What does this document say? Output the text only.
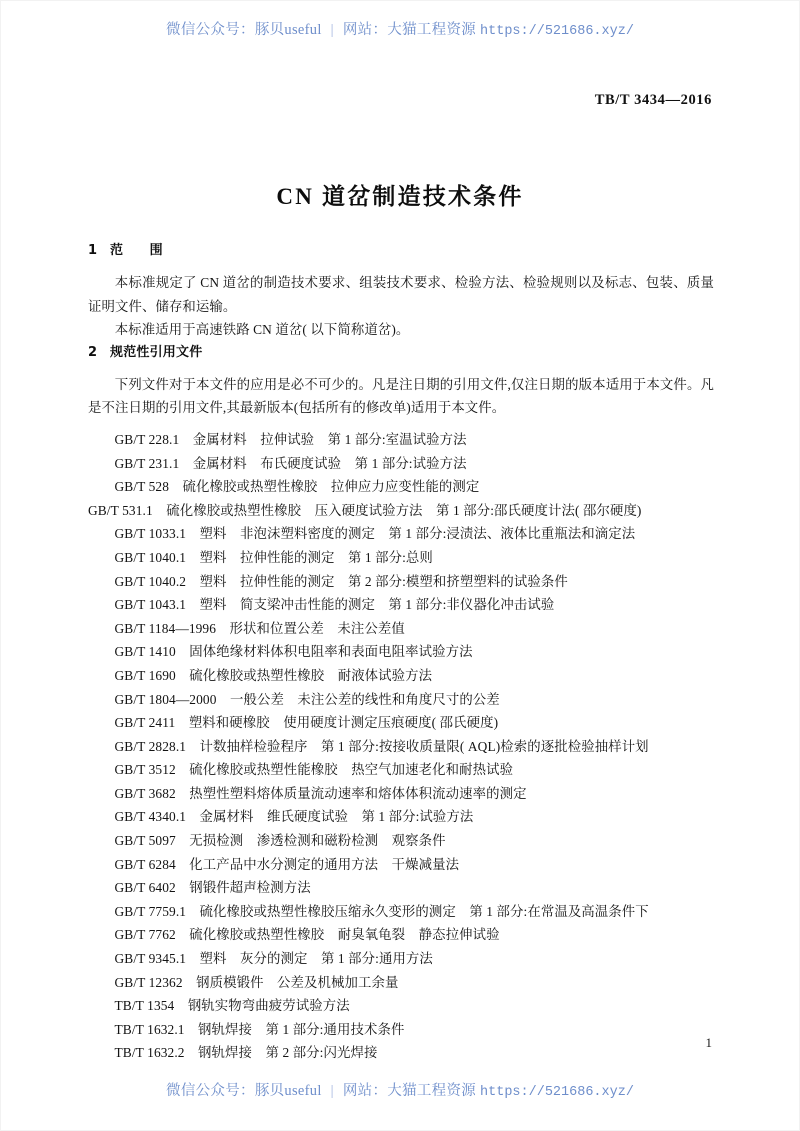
微信公众号：豚贝useful | 网站：大猫工程资源 https://521686.xyz/
TB/T 3434—2016
CN 道岔制造技术条件
1 范　　围

本标准规定了 CN 道岔的制造技术要求、组装技术要求、检验方法、检验规则以及标志、包装、质量证明文件、储存和运输。

本标准适用于高速铁路 CN 道岔( 以下简称道岔)。

2 规范性引用文件

下列文件对于本文件的应用是必不可少的。凡是注日期的引用文件,仅注日期的版本适用于本文件。凡是不注日期的引用文件,其最新版本(包括所有的修改单)适用于本文件。

GB/T 228.1　金属材料　拉伸试验　第 1 部分:室温试验方法
GB/T 231.1　金属材料　布氏硬度试验　第 1 部分:试验方法
GB/T 528　硫化橡胶或热塑性橡胶　拉伸应力应变性能的测定
GB/T 531.1　硫化橡胶或热塑性橡胶　压入硬度试验方法　第 1 部分:邵氏硬度计法( 邵尔硬度)
GB/T 1033.1　塑料　非泡沫塑料密度的测定　第 1 部分:浸渍法、液体比重瓶法和滴定法
GB/T 1040.1　塑料　拉伸性能的测定　第 1 部分:总则
GB/T 1040.2　塑料　拉伸性能的测定　第 2 部分:模塑和挤塑塑料的试验条件
GB/T 1043.1　塑料　简支梁冲击性能的测定　第 1 部分:非仪器化冲击试验
GB/T 1184—1996　形状和位置公差　未注公差值
GB/T 1410　固体绝缘材料体积电阻率和表面电阻率试验方法
GB/T 1690　硫化橡胶或热塑性橡胶　耐液体试验方法
GB/T 1804—2000　一般公差　未注公差的线性和角度尺寸的公差
GB/T 2411　塑料和硬橡胶　使用硬度计测定压痕硬度( 邵氏硬度)
GB/T 2828.1　计数抽样检验程序　第 1 部分:按接收质量限( AQL)检索的逐批检验抽样计划
GB/T 3512　硫化橡胶或热塑性能橡胶　热空气加速老化和耐热试验
GB/T 3682　热塑性塑料熔体质量流动速率和熔体体积流动速率的测定
GB/T 4340.1　金属材料　维氏硬度试验　第 1 部分:试验方法
GB/T 5097　无损检测　渗透检测和磁粉检测　观察条件
GB/T 6284　化工产品中水分测定的通用方法　干燥减量法
GB/T 6402　钢锻件超声检测方法
GB/T 7759.1　硫化橡胶或热塑性橡胶压缩永久变形的测定　第 1 部分:在常温及高温条件下
GB/T 7762　硫化橡胶或热塑性橡胶　耐臭氧龟裂　静态拉伸试验
GB/T 9345.1　塑料　灰分的测定　第 1 部分:通用方法
GB/T 12362　钢质模锻件　公差及机械加工余量
TB/T 1354　钢轨实物弯曲疲劳试验方法
TB/T 1632.1　钢轨焊接　第 1 部分:通用技术条件
TB/T 1632.2　钢轨焊接　第 2 部分:闪光焊接
1
微信公众号：豚贝useful | 网站：大猫工程资源 https://521686.xyz/
